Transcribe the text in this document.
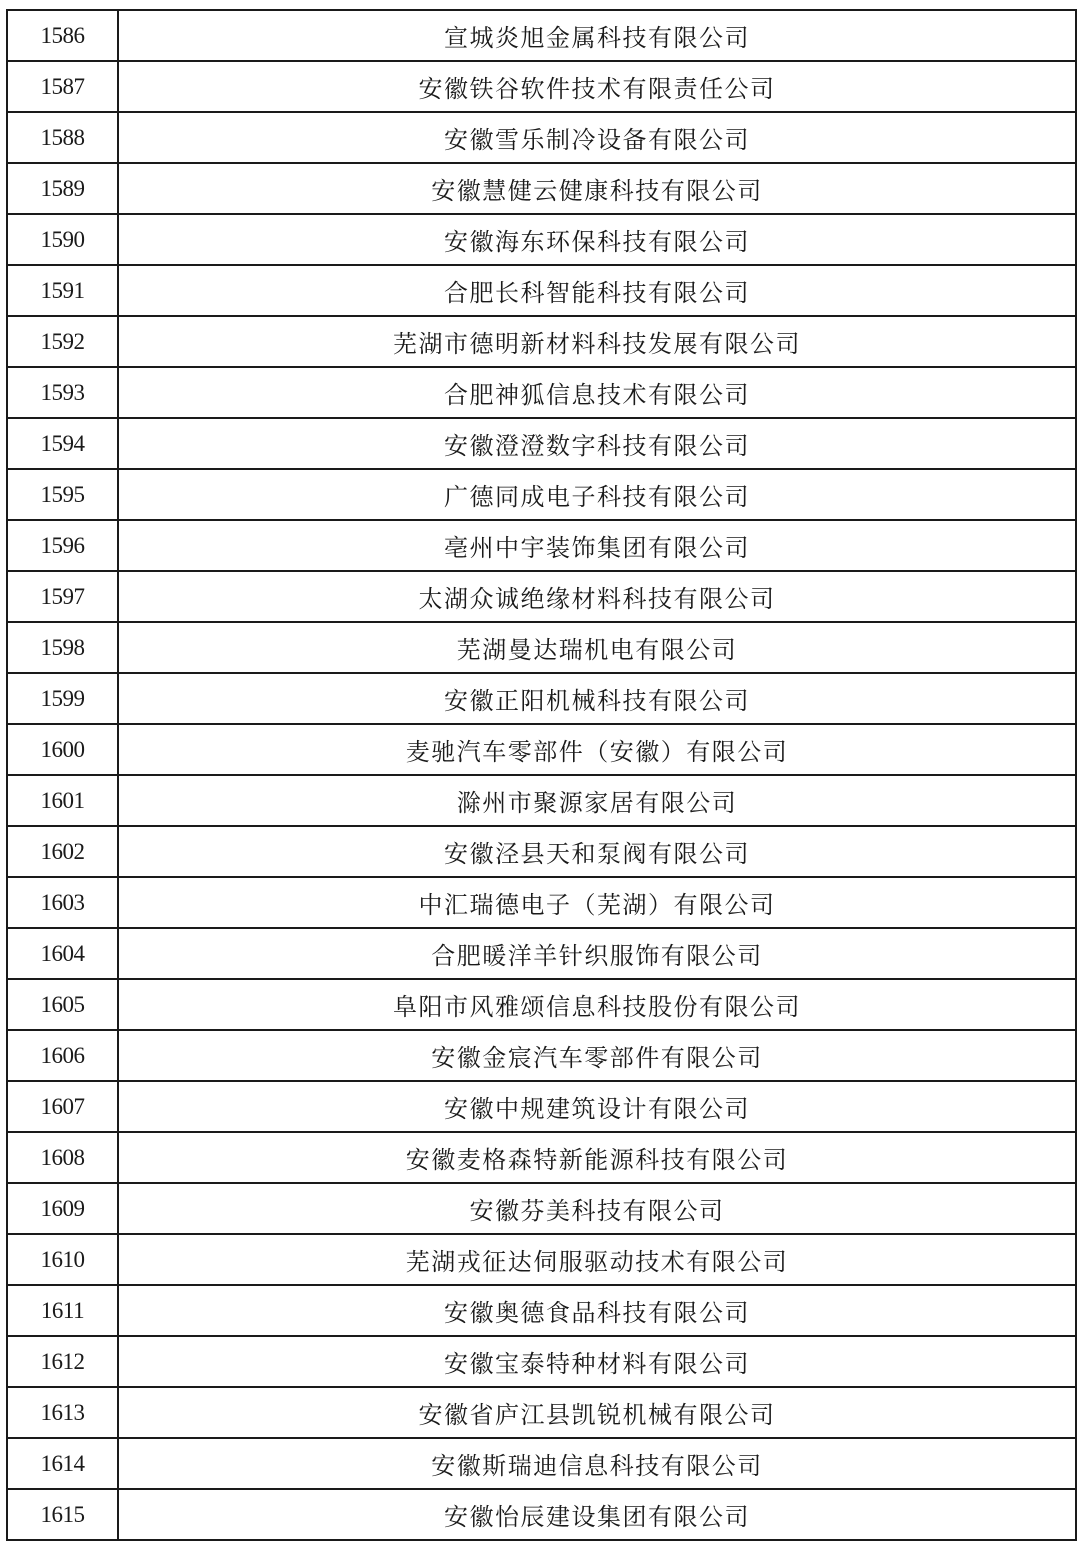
1586	宣城炎旭金属科技有限公司
1587	安徽铁谷软件技术有限责任公司
1588	安徽雪乐制冷设备有限公司
1589	安徽慧健云健康科技有限公司
1590	安徽海东环保科技有限公司
1591	合肥长科智能科技有限公司
1592	芜湖市德明新材料科技发展有限公司
1593	合肥神狐信息技术有限公司
1594	安徽澄澄数字科技有限公司
1595	广德同成电子科技有限公司
1596	亳州中宇装饰集团有限公司
1597	太湖众诚绝缘材料科技有限公司
1598	芜湖曼达瑞机电有限公司
1599	安徽正阳机械科技有限公司
1600	麦驰汽车零部件（安徽）有限公司
1601	滁州市聚源家居有限公司
1602	安徽泾县天和泵阀有限公司
1603	中汇瑞德电子（芜湖）有限公司
1604	合肥暖洋羊针织服饰有限公司
1605	阜阳市风雅颂信息科技股份有限公司
1606	安徽金宸汽车零部件有限公司
1607	安徽中规建筑设计有限公司
1608	安徽麦格森特新能源科技有限公司
1609	安徽芬美科技有限公司
1610	芜湖戎征达伺服驱动技术有限公司
1611	安徽奥德食品科技有限公司
1612	安徽宝泰特种材料有限公司
1613	安徽省庐江县凯锐机械有限公司
1614	安徽斯瑞迪信息科技有限公司
1615	安徽怡辰建设集团有限公司
